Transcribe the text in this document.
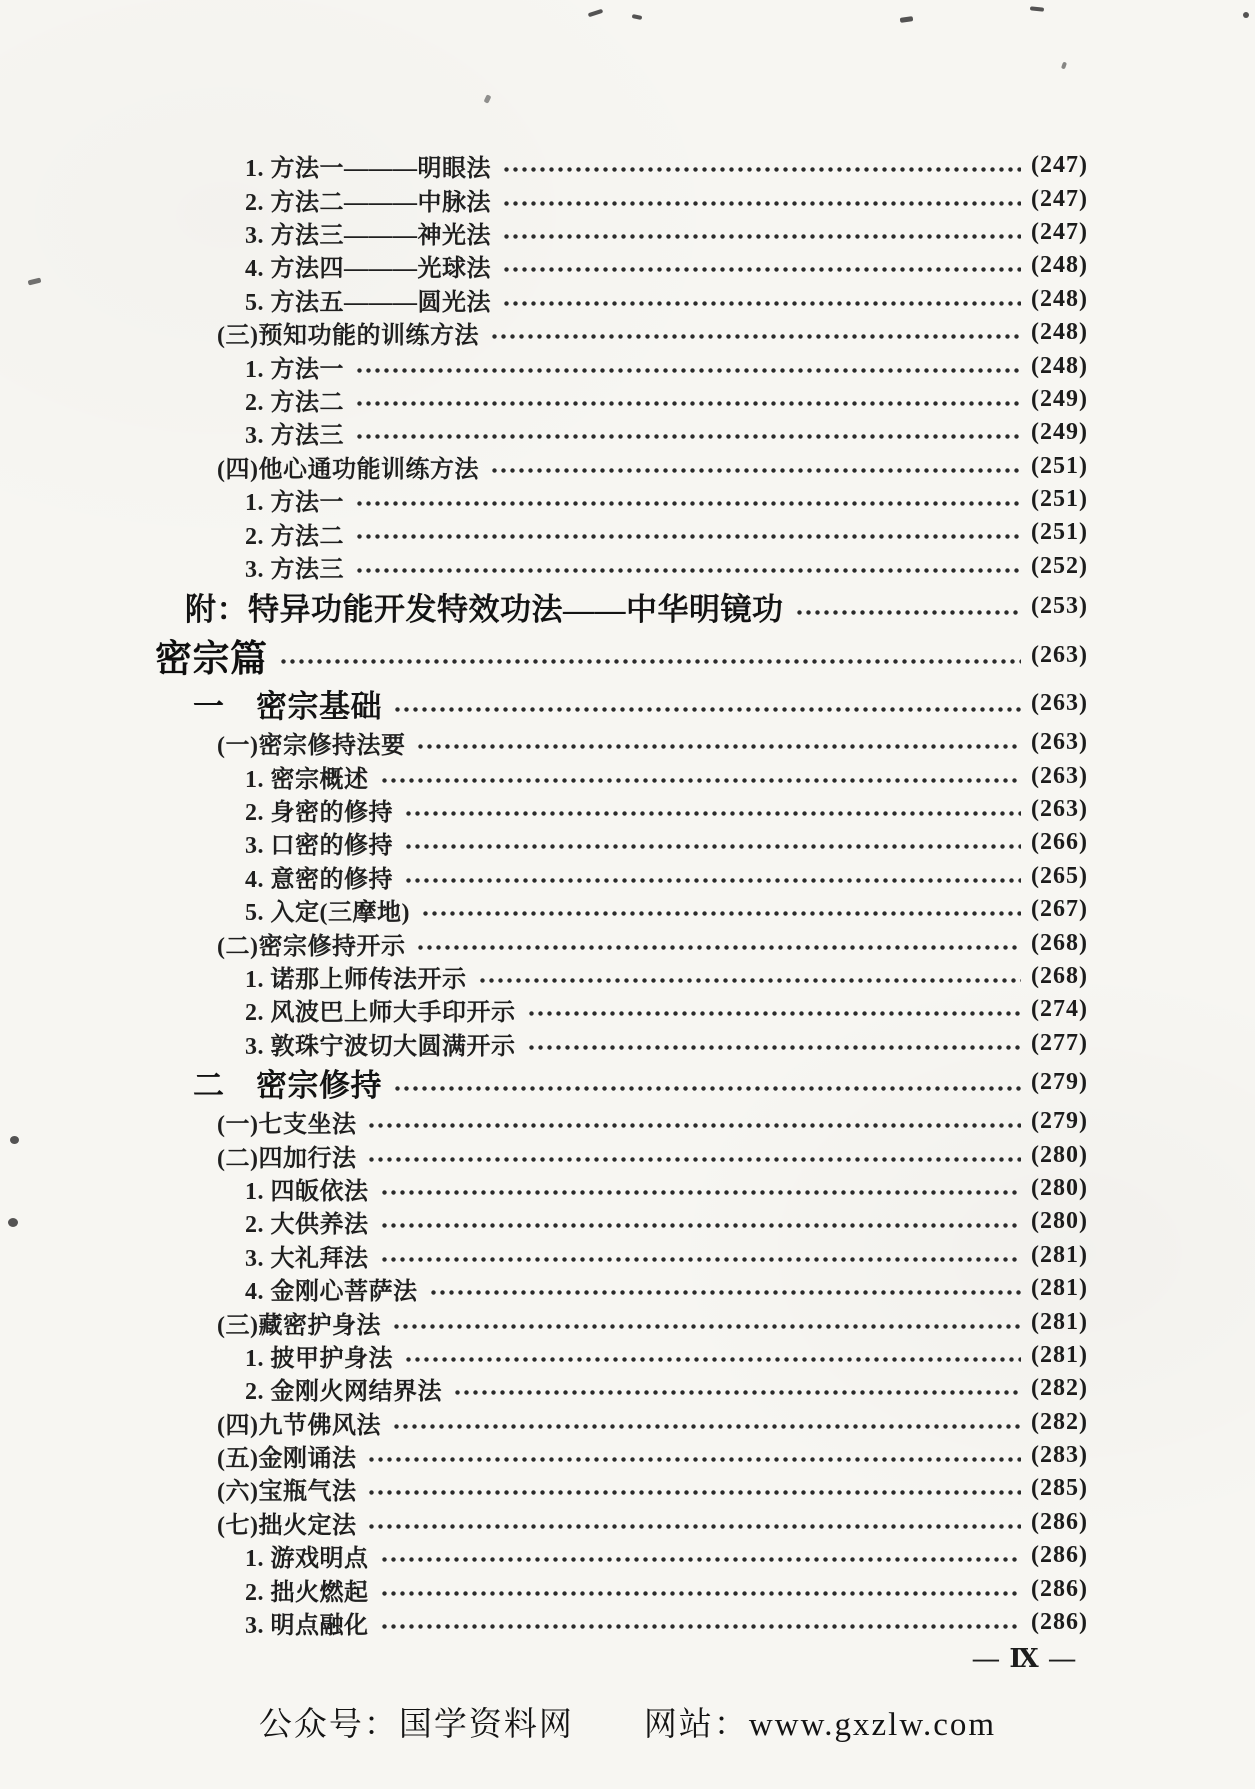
1. 方法一———明眼法	(247)
2. 方法二———中脉法	(247)
3. 方法三———神光法	(247)
4. 方法四———光球法	(248)
5. 方法五———圆光法	(248)
(三)预知功能的训练方法	(248)
1. 方法一	(248)
2. 方法二	(249)
3. 方法三	(249)
(四)他心通功能训练方法	(251)
1. 方法一	(251)
2. 方法二	(251)
3. 方法三	(252)
附：特异功能开发特效功法——中华明镜功	(253)
密宗篇	(263)
一　密宗基础	(263)
(一)密宗修持法要	(263)
1. 密宗概述	(263)
2. 身密的修持	(263)
3. 口密的修持	(266)
4. 意密的修持	(265)
5. 入定(三摩地)	(267)
(二)密宗修持开示	(268)
1. 诺那上师传法开示	(268)
2. 风波巴上师大手印开示	(274)
3. 敦珠宁波切大圆满开示	(277)
二　密宗修持	(279)
(一)七支坐法	(279)
(二)四加行法	(280)
1. 四皈依法	(280)
2. 大供养法	(280)
3. 大礼拜法	(281)
4. 金刚心菩萨法	(281)
(三)藏密护身法	(281)
1. 披甲护身法	(281)
2. 金刚火网结界法	(282)
(四)九节佛风法	(282)
(五)金刚诵法	(283)
(六)宝瓶气法	(285)
(七)拙火定法	(286)
1. 游戏明点	(286)
2. 拙火燃起	(286)
3. 明点融化	(286)
— Ⅸ —
公众号：国学资料网　　网站：www.gxzlw.com
